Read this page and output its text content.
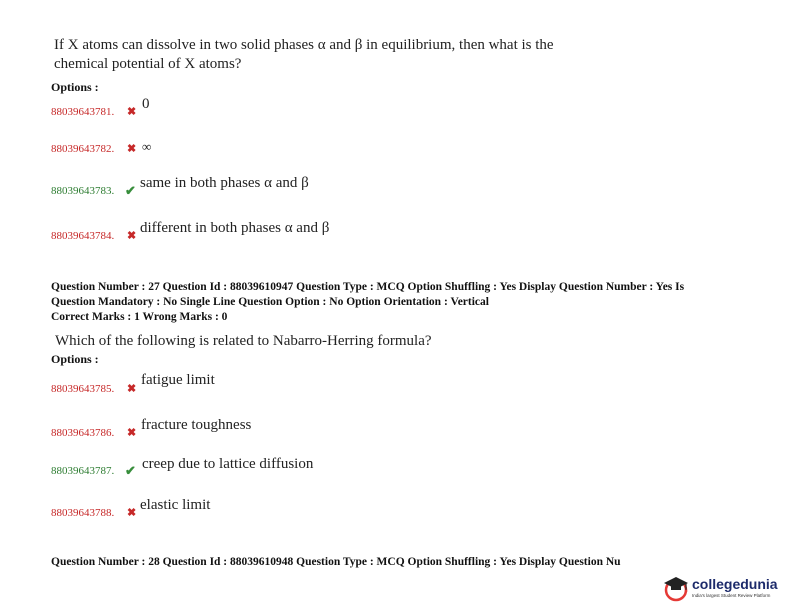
If X atoms can dissolve in two solid phases α and β in equilibrium, then what is the
chemical potential of X atoms?
Options :
88039643781. ✖ 0
88039643782. ✖ ∞
88039643783. ✔ same in both phases α and β
88039643784. ✖ different in both phases α and β
Question Number : 27 Question Id : 88039610947 Question Type : MCQ Option Shuffling : Yes Display Question Number : Yes Is
Question Mandatory : No Single Line Question Option : No Option Orientation : Vertical
Correct Marks : 1 Wrong Marks : 0
Which of the following is related to Nabarro-Herring formula?
Options :
88039643785. ✖
fatigue limit
88039643786. ✖ fracture toughness
88039643787. ✔ creep due to lattice diffusion
88039643788. ✖ elastic limit
Question Number : 28 Question Id : 88039610948 Question Type : MCQ Option Shuffling : Yes Display Question Nu
collegedunia
India's largest Student Review Platform
